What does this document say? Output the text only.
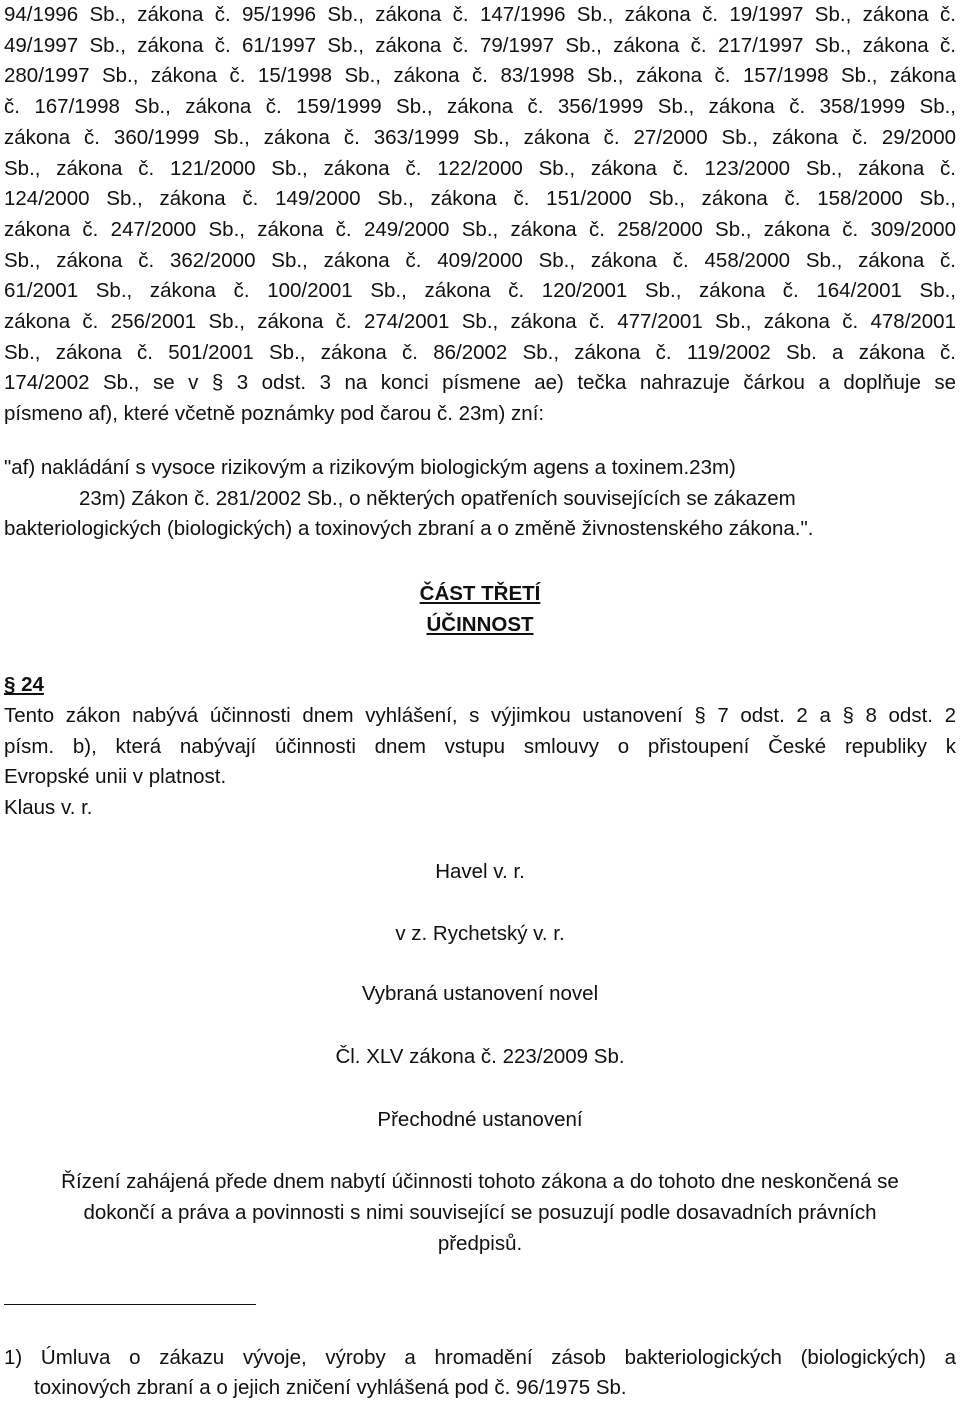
94/1996 Sb., zákona č. 95/1996 Sb., zákona č. 147/1996 Sb., zákona č. 19/1997 Sb., zákona č.
49/1997 Sb., zákona č. 61/1997 Sb., zákona č. 79/1997 Sb., zákona č. 217/1997 Sb., zákona č.
280/1997 Sb., zákona č. 15/1998 Sb., zákona č. 83/1998 Sb., zákona č. 157/1998 Sb., zákona
č. 167/1998 Sb., zákona č. 159/1999 Sb., zákona č. 356/1999 Sb., zákona č. 358/1999 Sb.,
zákona č. 360/1999 Sb., zákona č. 363/1999 Sb., zákona č. 27/2000 Sb., zákona č. 29/2000
Sb., zákona č. 121/2000 Sb., zákona č. 122/2000 Sb., zákona č. 123/2000 Sb., zákona č.
124/2000 Sb., zákona č. 149/2000 Sb., zákona č. 151/2000 Sb., zákona č. 158/2000 Sb.,
zákona č. 247/2000 Sb., zákona č. 249/2000 Sb., zákona č. 258/2000 Sb., zákona č. 309/2000
Sb., zákona č. 362/2000 Sb., zákona č. 409/2000 Sb., zákona č. 458/2000 Sb., zákona č.
61/2001 Sb., zákona č. 100/2001 Sb., zákona č. 120/2001 Sb., zákona č. 164/2001 Sb.,
zákona č. 256/2001 Sb., zákona č. 274/2001 Sb., zákona č. 477/2001 Sb., zákona č. 478/2001
Sb., zákona č. 501/2001 Sb., zákona č. 86/2002 Sb., zákona č. 119/2002 Sb. a zákona č.
174/2002 Sb., se v § 3 odst. 3 na konci písmene ae) tečka nahrazuje čárkou a doplňuje se
písmeno af), které včetně poznámky pod čarou č. 23m) zní:
"af) nakládání s vysoce rizikovým a rizikovým biologickým agens a toxinem.23m)
23m) Zákon č. 281/2002 Sb., o některých opatřeních souvisejících se zákazem
bakteriologických (biologických) a toxinových zbraní a o změně živnostenského zákona.".
ČÁST TŘETÍ
ÚČINNOST
§ 24
Tento zákon nabývá účinnosti dnem vyhlášení, s výjimkou ustanovení § 7 odst. 2 a § 8 odst. 2
písm. b), která nabývají účinnosti dnem vstupu smlouvy o přistoupení České republiky k
Evropské unii v platnost.
Klaus v. r.
Havel v. r.
v z. Rychetský v. r.
Vybraná ustanovení novel
Čl. XLV zákona č. 223/2009 Sb.
Přechodné ustanovení
Řízení zahájená přede dnem nabytí účinnosti tohoto zákona a do tohoto dne neskončená se
dokončí a práva a povinnosti s nimi související se posuzují podle dosavadních právních
předpisů.
1) Úmluva o zákazu vývoje, výroby a hromadění zásob bakteriologických (biologických) a
toxinových zbraní a o jejich zničení vyhlášená pod č. 96/1975 Sb.
